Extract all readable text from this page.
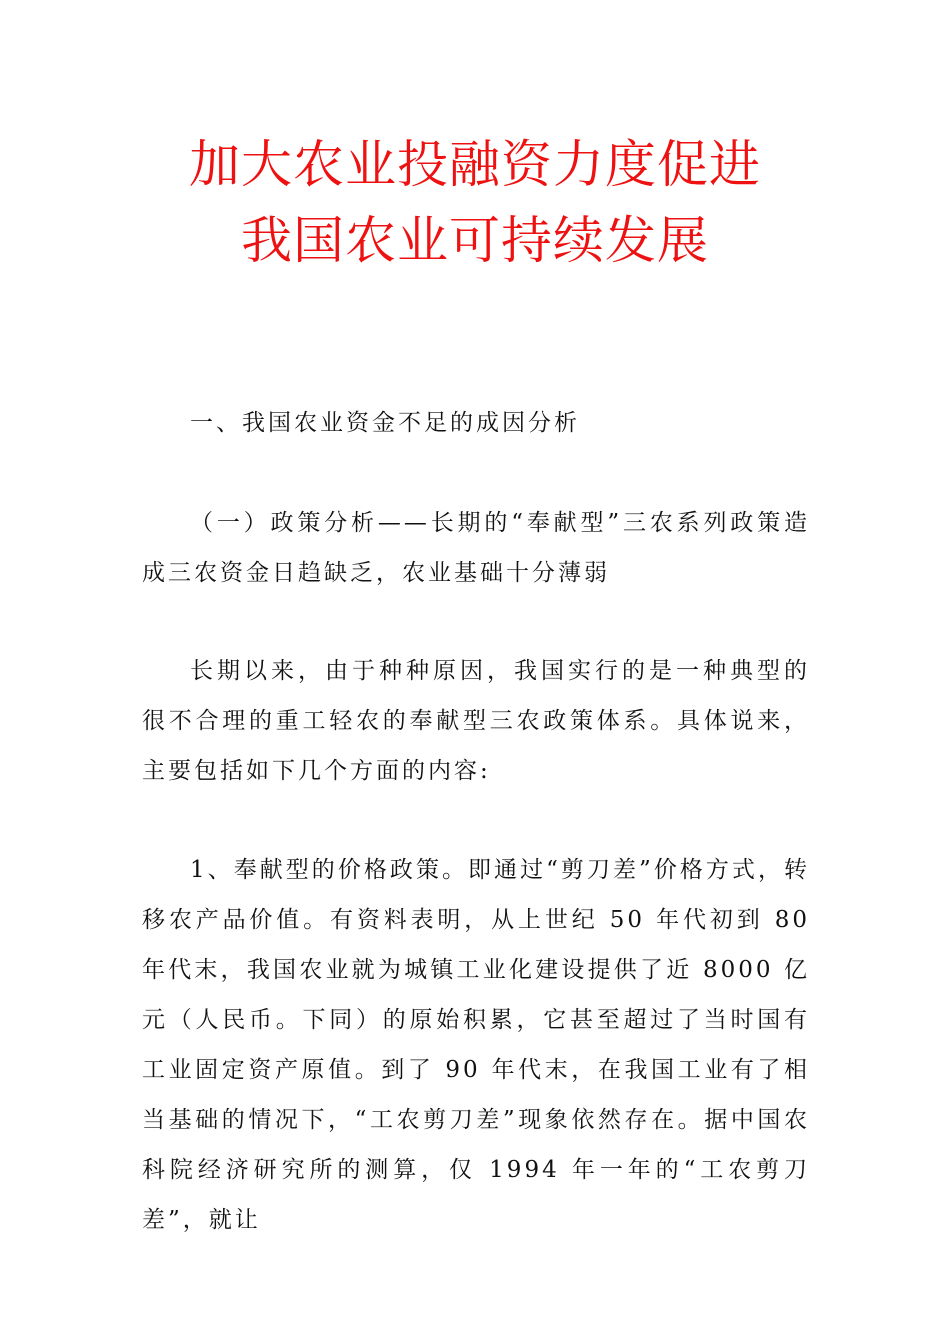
加大农业投融资力度促进
我国农业可持续发展

一、我国农业资金不足的成因分析

（一）政策分析——长期的“奉献型”三农系列政策造成三农资金日趋缺乏，农业基础十分薄弱

长期以来，由于种种原因，我国实行的是一种典型的很不合理的重工轻农的奉献型三农政策体系。具体说来，主要包括如下几个方面的内容:

1、奉献型的价格政策。即通过“剪刀差”价格方式，转移农产品价值。有资料表明，从上世纪 50 年代初到 80 年代末，我国农业就为城镇工业化建设提供了近 8000 亿元（人民币。下同）的原始积累，它甚至超过了当时国有工业固定资产原值。到了 90 年代末，在我国工业有了相当基础的情况下，“工农剪刀差”现象依然存在。据中国农科院经济研究所的测算，仅 1994 年一年的“工农剪刀差”，就让
